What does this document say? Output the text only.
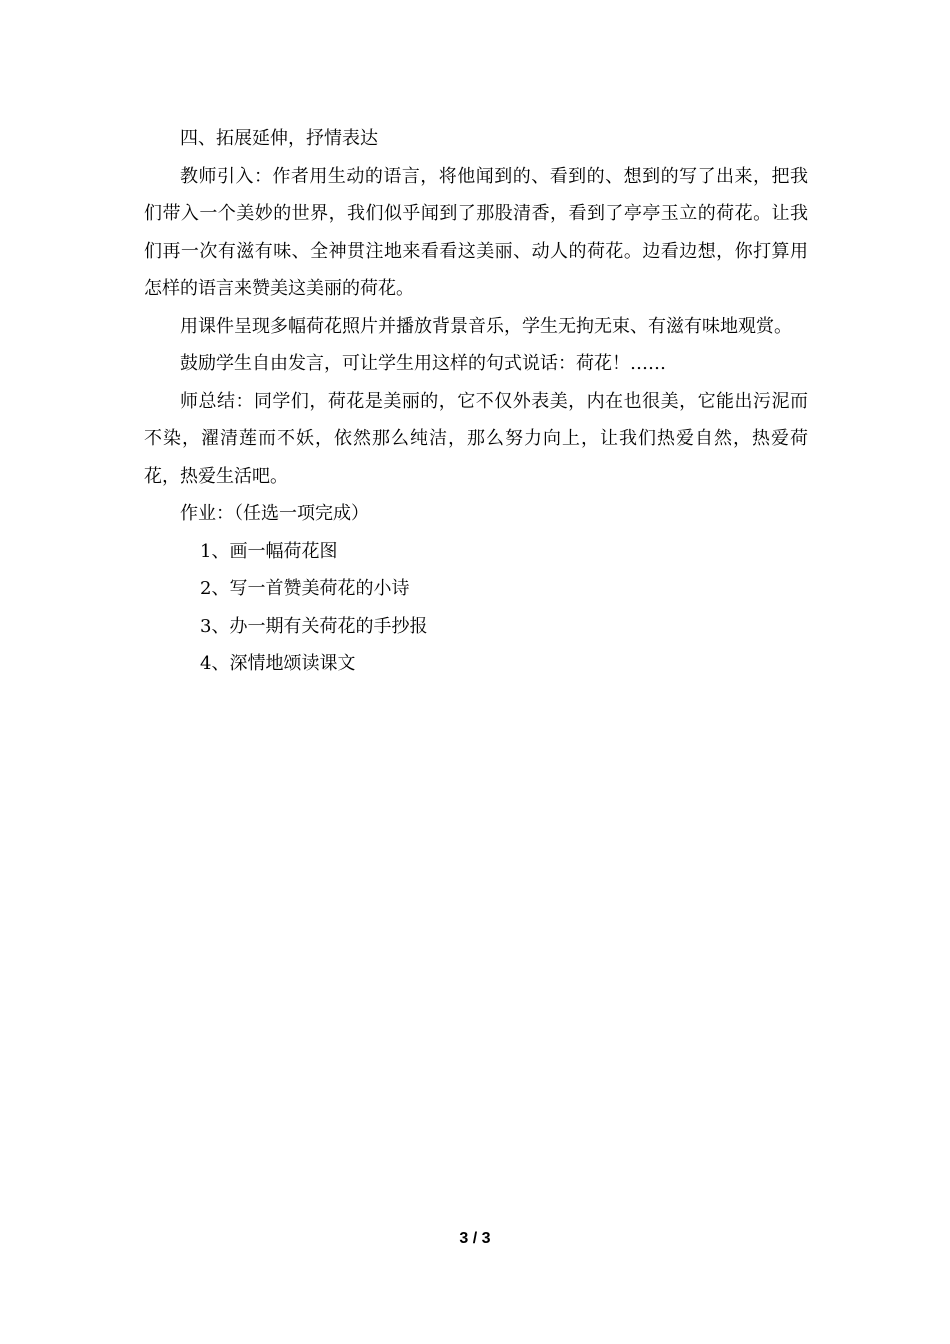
四、拓展延伸，抒情表达

教师引入：作者用生动的语言，将他闻到的、看到的、想到的写了出来，把我们带入一个美妙的世界，我们似乎闻到了那股清香，看到了亭亭玉立的荷花。让我们再一次有滋有味、全神贯注地来看看这美丽、动人的荷花。边看边想，你打算用怎样的语言来赞美这美丽的荷花。

用课件呈现多幅荷花照片并播放背景音乐，学生无拘无束、有滋有味地观赏。

鼓励学生自由发言，可让学生用这样的句式说话：荷花！……

师总结：同学们，荷花是美丽的，它不仅外表美，内在也很美，它能出污泥而不染，濯清莲而不妖，依然那么纯洁，那么努力向上，让我们热爱自然，热爱荷花，热爱生活吧。

作业：（任选一项完成）

1、画一幅荷花图

2、写一首赞美荷花的小诗

3、办一期有关荷花的手抄报

4、深情地颂读课文

3 / 3
